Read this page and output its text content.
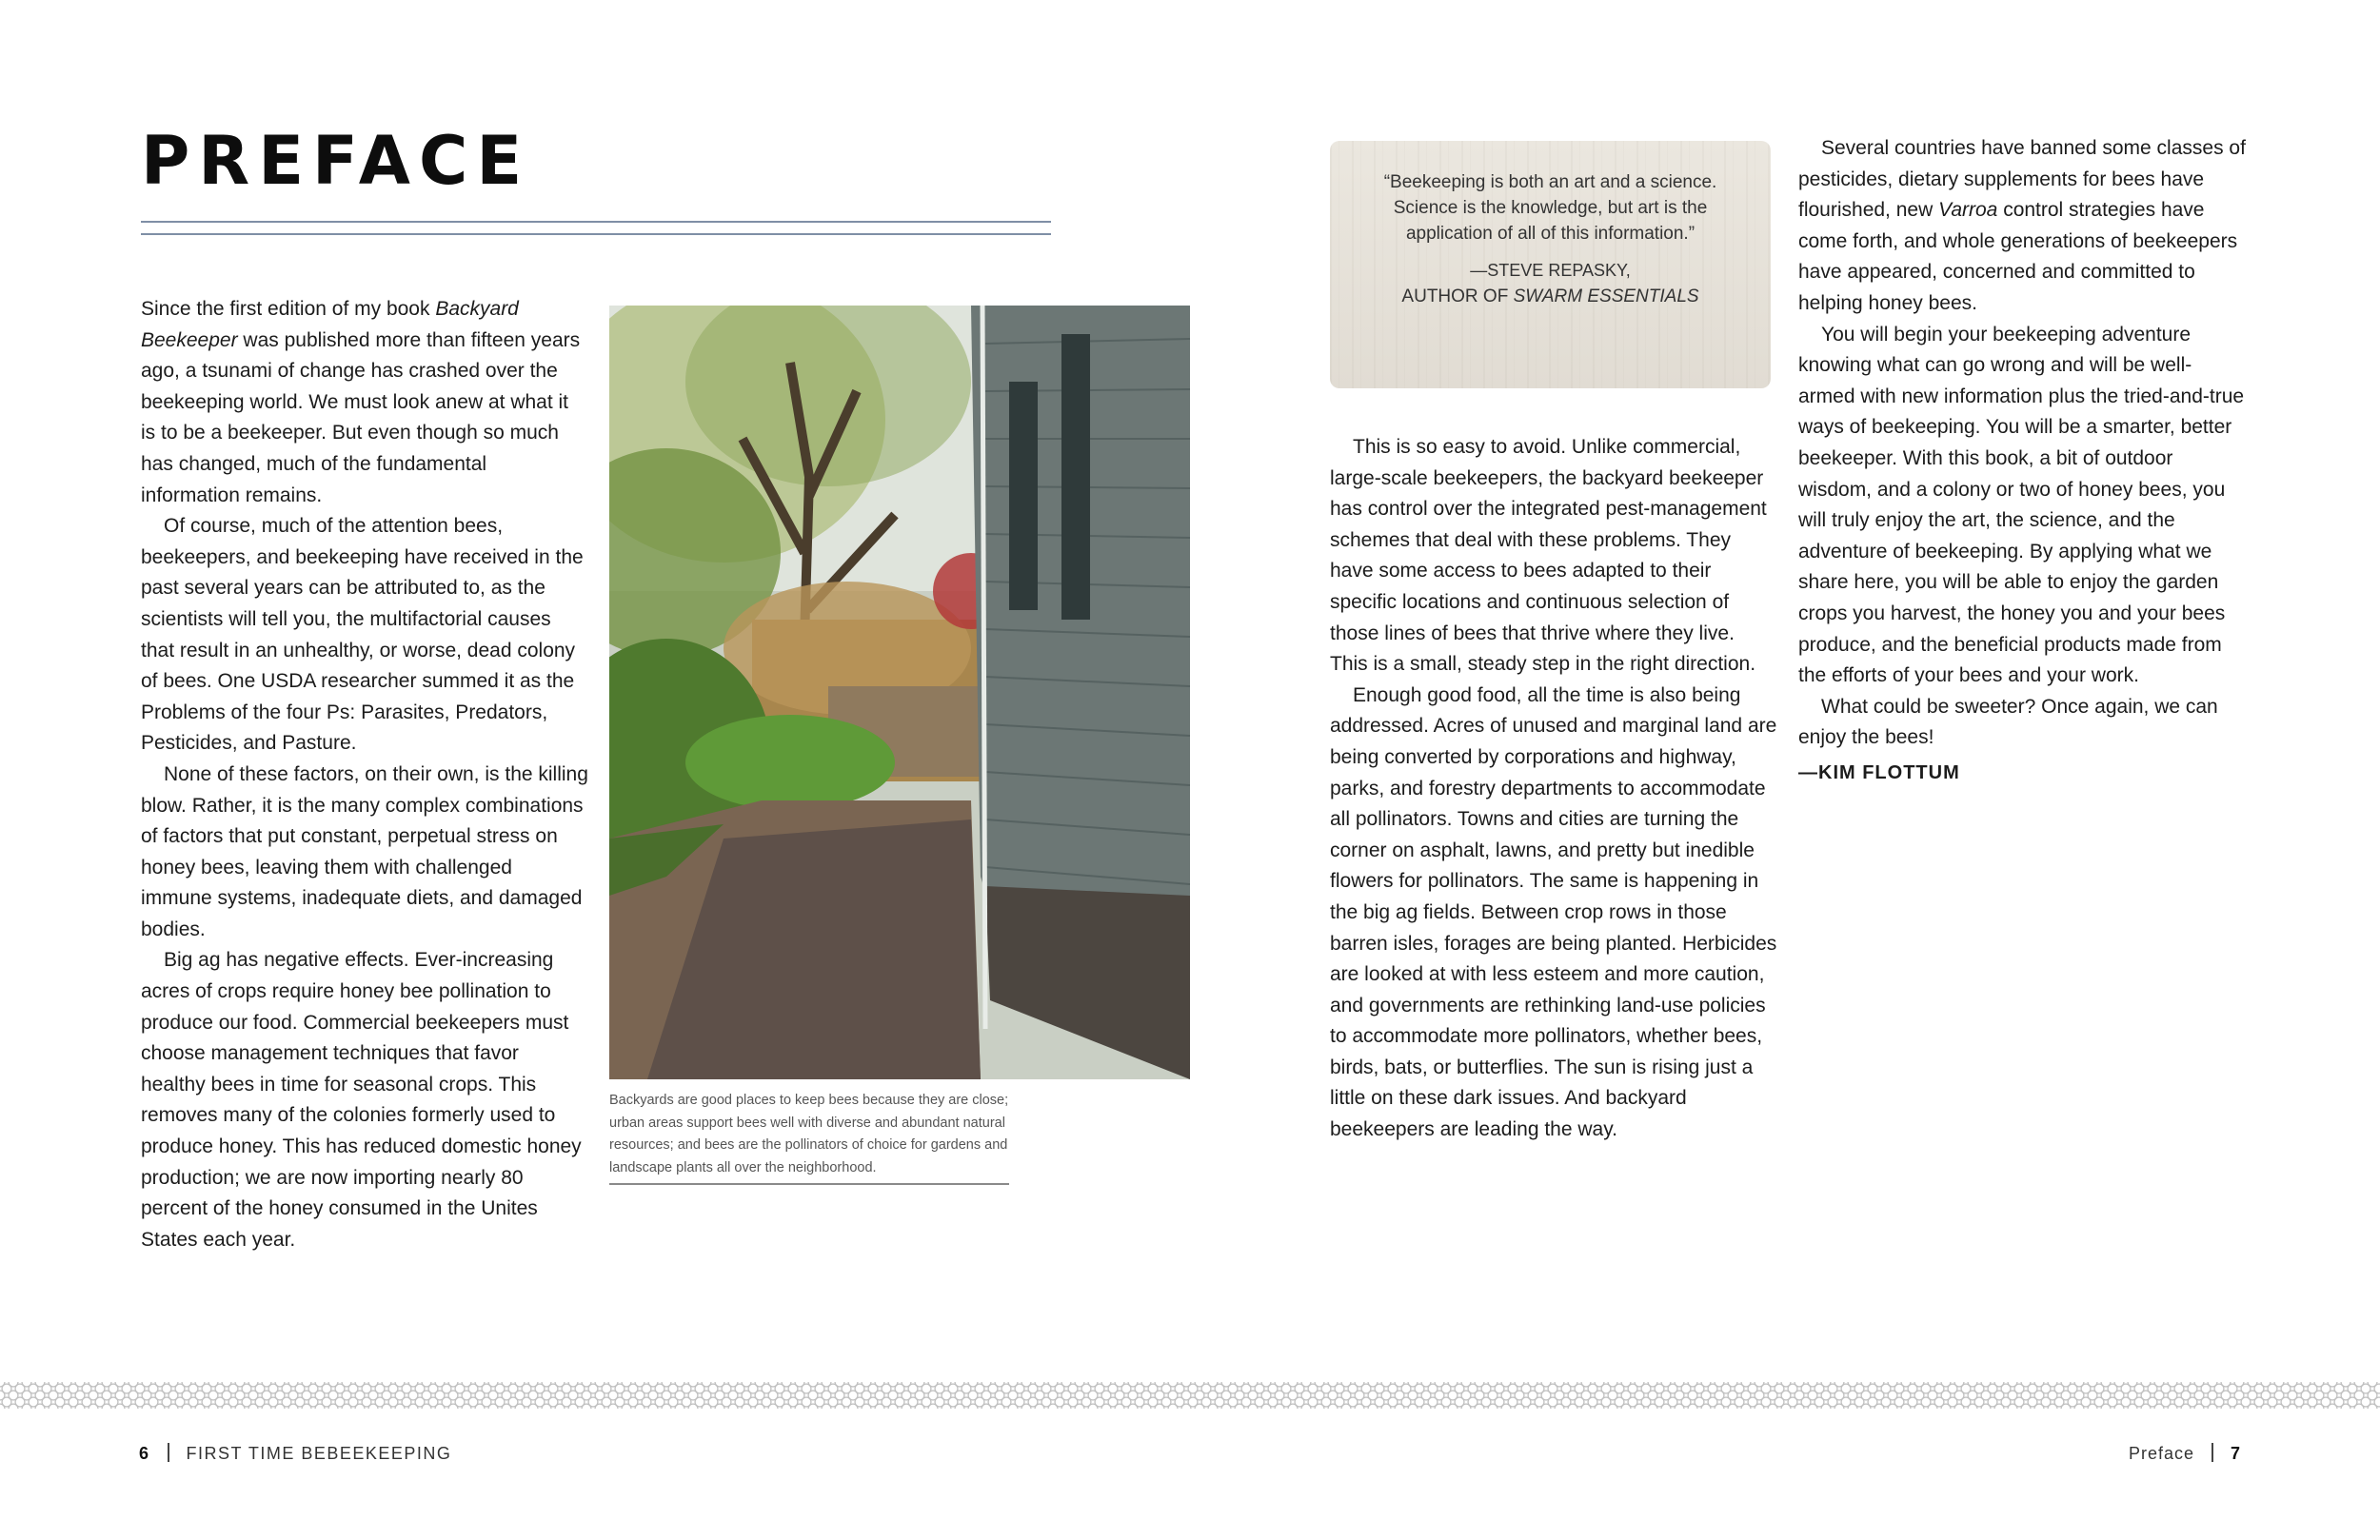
PREFACE

Since the first edition of my book Backyard Beekeeper was published more than fifteen years ago, a tsunami of change has crashed over the beekeeping world. We must look anew at what it is to be a beekeeper. But even though so much has changed, much of the fundamental information remains.

Of course, much of the attention bees, beekeepers, and beekeeping have received in the past several years can be attributed to, as the scientists will tell you, the multifactorial causes that result in an unhealthy, or worse, dead colony of bees. One USDA researcher summed it as the Problems of the four Ps: Parasites, Predators, Pesticides, and Pasture.

None of these factors, on their own, is the killing blow. Rather, it is the many complex combinations of factors that put constant, perpetual stress on honey bees, leaving them with challenged immune systems, inadequate diets, and damaged bodies.

Big ag has negative effects. Ever-increasing acres of crops require honey bee pollination to produce our food. Commercial beekeepers must choose management techniques that favor healthy bees in time for seasonal crops. This removes many of the colonies formerly used to produce honey. This has reduced domestic honey production; we are now importing nearly 80 percent of the honey consumed in the Unites States each year.

Backyards are good places to keep bees because they are close; urban areas support bees well with diverse and abundant natural resources; and bees are the pollinators of choice for gardens and landscape plants all over the neighborhood.

“Beekeeping is both an art and a science. Science is the knowledge, but art is the application of all of this information.”

—STEVE REPASKY,

AUTHOR OF SWARM ESSENTIALS

This is so easy to avoid. Unlike commercial, large-scale beekeepers, the backyard beekeeper has control over the integrated pest-management schemes that deal with these problems. They have some access to bees adapted to their specific locations and continuous selection of those lines of bees that thrive where they live. This is a small, steady step in the right direction.

Enough good food, all the time is also being addressed. Acres of unused and marginal land are being converted by corporations and highway, parks, and forestry departments to accommodate all pollinators. Towns and cities are turning the corner on asphalt, lawns, and pretty but inedible flowers for pollinators. The same is happening in the big ag fields. Between crop rows in those barren isles, forages are being planted. Herbicides are looked at with less esteem and more caution, and governments are rethinking land-use policies to accommodate more pollinators, whether bees, birds, bats, or butterflies. The sun is rising just a little on these dark issues. And backyard beekeepers are leading the way.

Several countries have banned some classes of pesticides, dietary supplements for bees have flourished, new Varroa control strategies have come forth, and whole generations of beekeepers have appeared, concerned and committed to helping honey bees.

You will begin your beekeeping adventure knowing what can go wrong and will be well-armed with new information plus the tried-and-true ways of beekeeping. You will be a smarter, better beekeeper. With this book, a bit of outdoor wisdom, and a colony or two of honey bees, you will truly enjoy the art, the science, and the adventure of beekeeping. By applying what we share here, you will be able to enjoy the garden crops you harvest, the honey you and your bees produce, and the beneficial products made from the efforts of your bees and your work.

What could be sweeter? Once again, we can enjoy the bees!

—KIM FLOTTUM
6 FIRST TIME BEBEEKEEPING	Preface 7
